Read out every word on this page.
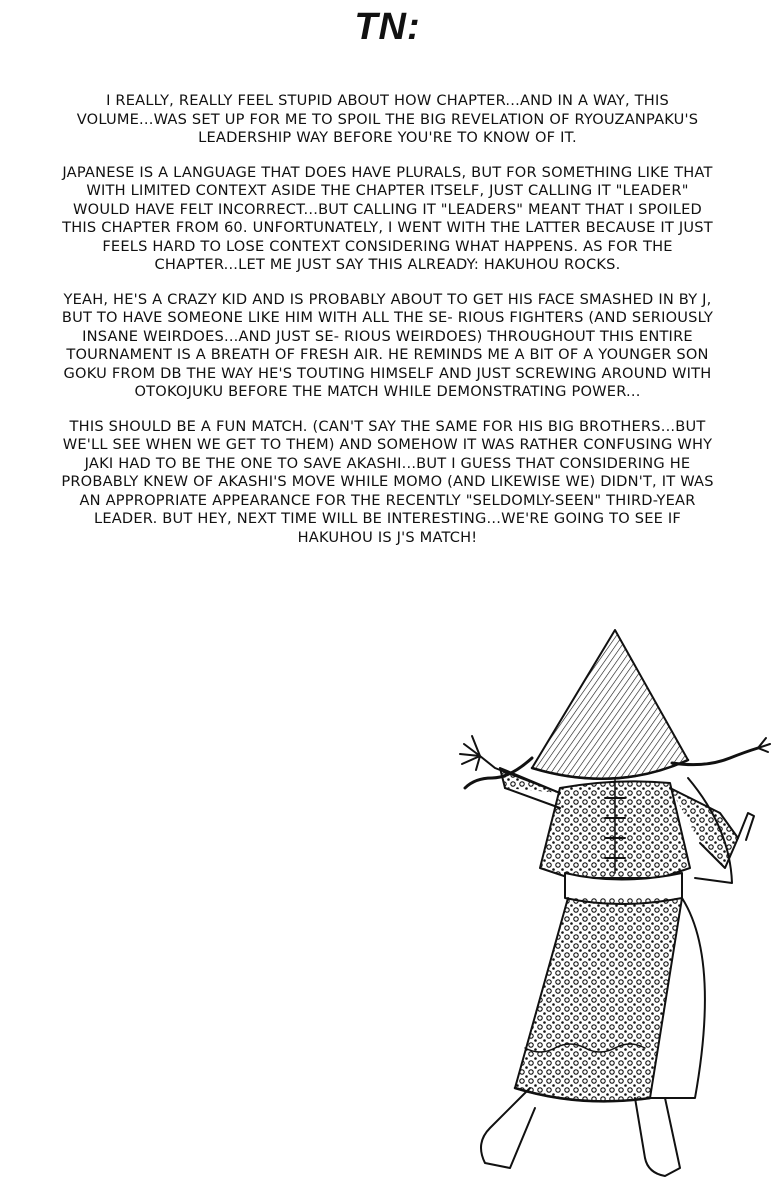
TN:

I REALLY, REALLY FEEL STUPID ABOUT HOW CHAPTER...AND IN A WAY, THIS VOLUME...WAS SET UP FOR ME TO SPOIL THE BIG REVELATION OF RYOUZANPAKU'S LEADERSHIP WAY BEFORE YOU'RE TO KNOW OF IT.

JAPANESE IS A LANGUAGE THAT DOES HAVE PLURALS, BUT FOR SOMETHING LIKE THAT WITH LIMITED CONTEXT ASIDE THE CHAPTER ITSELF, JUST CALLING IT "LEADER" WOULD HAVE FELT INCORRECT...BUT CALLING IT "LEADERS" MEANT THAT I SPOILED THIS CHAPTER FROM 60. UNFORTUNATELY, I WENT WITH THE LATTER BECAUSE IT JUST FEELS HARD TO LOSE CONTEXT CONSIDERING WHAT HAPPENS. AS FOR THE CHAPTER...LET ME JUST SAY THIS ALREADY: HAKUHOU ROCKS.

YEAH, HE'S A CRAZY KID AND IS PROBABLY ABOUT TO GET HIS FACE SMASHED IN BY J, BUT TO HAVE SOMEONE LIKE HIM WITH ALL THE SE- RIOUS FIGHTERS (AND SERIOUSLY INSANE WEIRDOES...AND JUST SE- RIOUS WEIRDOES) THROUGHOUT THIS ENTIRE TOURNAMENT IS A BREATH OF FRESH AIR. HE REMINDS ME A BIT OF A YOUNGER SON GOKU FROM DB THE WAY HE'S TOUTING HIMSELF AND JUST SCREWING AROUND WITH OTOKOJUKU BEFORE THE MATCH WHILE DEMONSTRATING POWER...

THIS SHOULD BE A FUN MATCH. (CAN'T SAY THE SAME FOR HIS BIG BROTHERS...BUT WE'LL SEE WHEN WE GET TO THEM) AND SOMEHOW IT WAS RATHER CONFUSING WHY JAKI HAD TO BE THE ONE TO SAVE AKASHI...BUT I GUESS THAT CONSIDERING HE PROBABLY KNEW OF AKASHI'S MOVE WHILE MOMO (AND LIKEWISE WE) DIDN'T, IT WAS AN APPROPRIATE APPEARANCE FOR THE RECENTLY "SELDOMLY-SEEN" THIRD-YEAR LEADER. BUT HEY, NEXT TIME WILL BE INTERESTING...WE'RE GOING TO SEE IF HAKUHOU IS J'S MATCH!
